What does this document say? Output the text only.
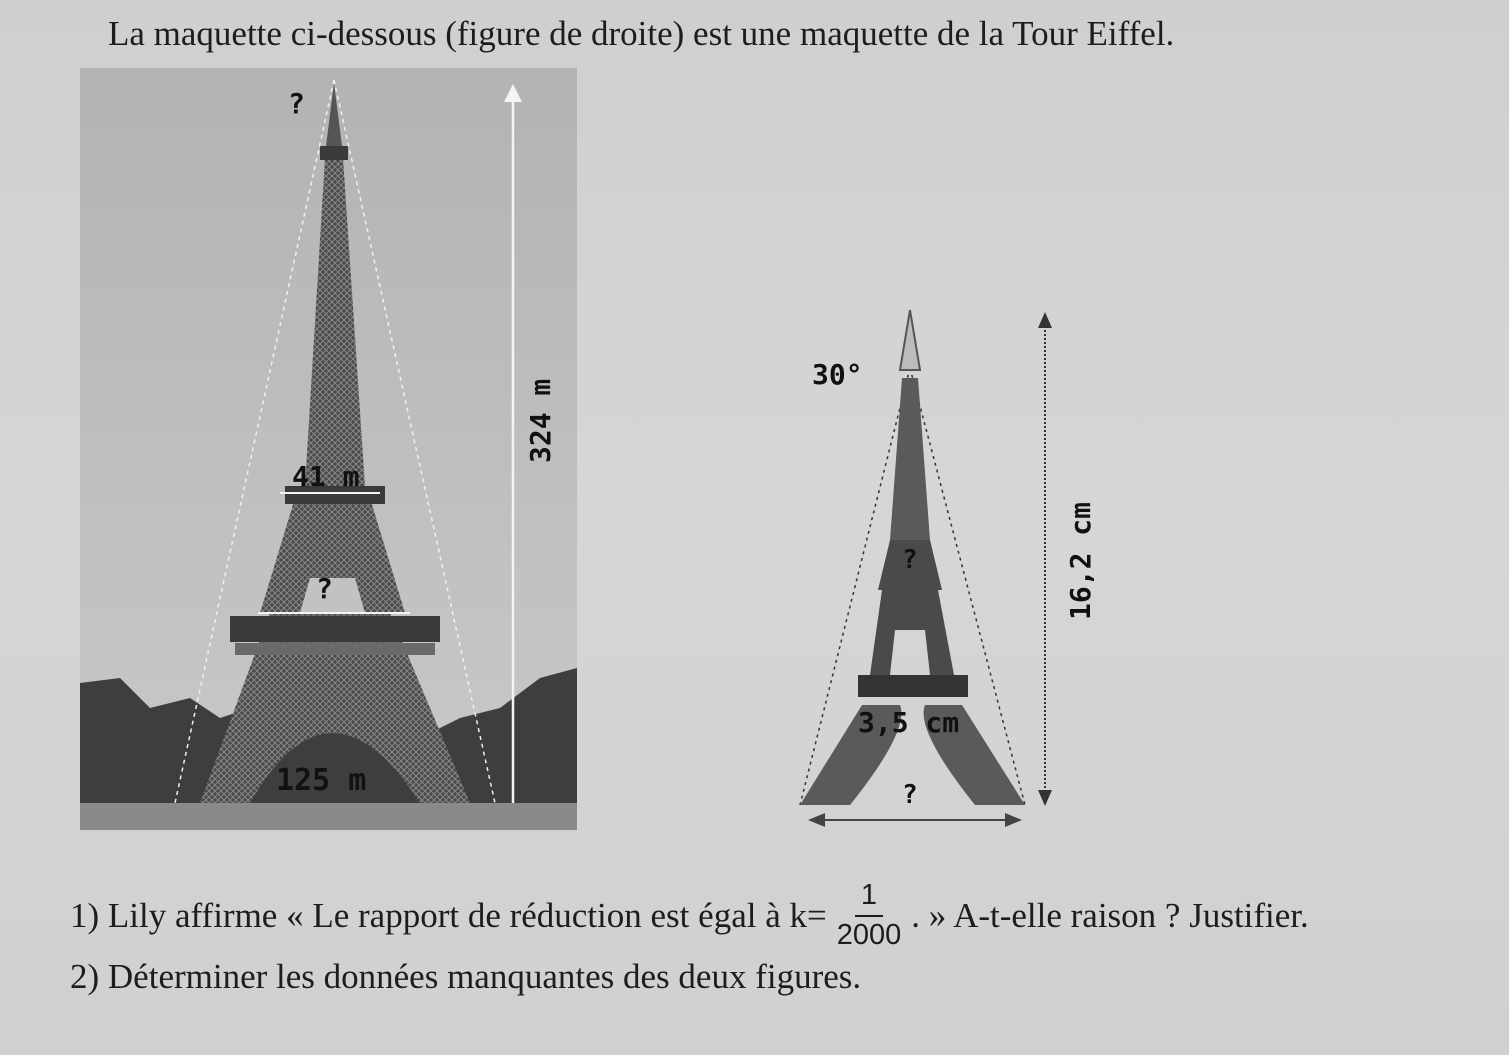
La maquette ci-dessous (figure de droite) est une maquette de la Tour Eiffel.
?
324 m
41 m
?
125 m
30°
16,2 cm
?
3,5 cm
?
1) Lily affirme « Le rapport de réduction est égal à $k= \frac{1}{2000}$ . » A-t-elle raison ? Justifier.
2) Déterminer les données manquantes des deux figures.
